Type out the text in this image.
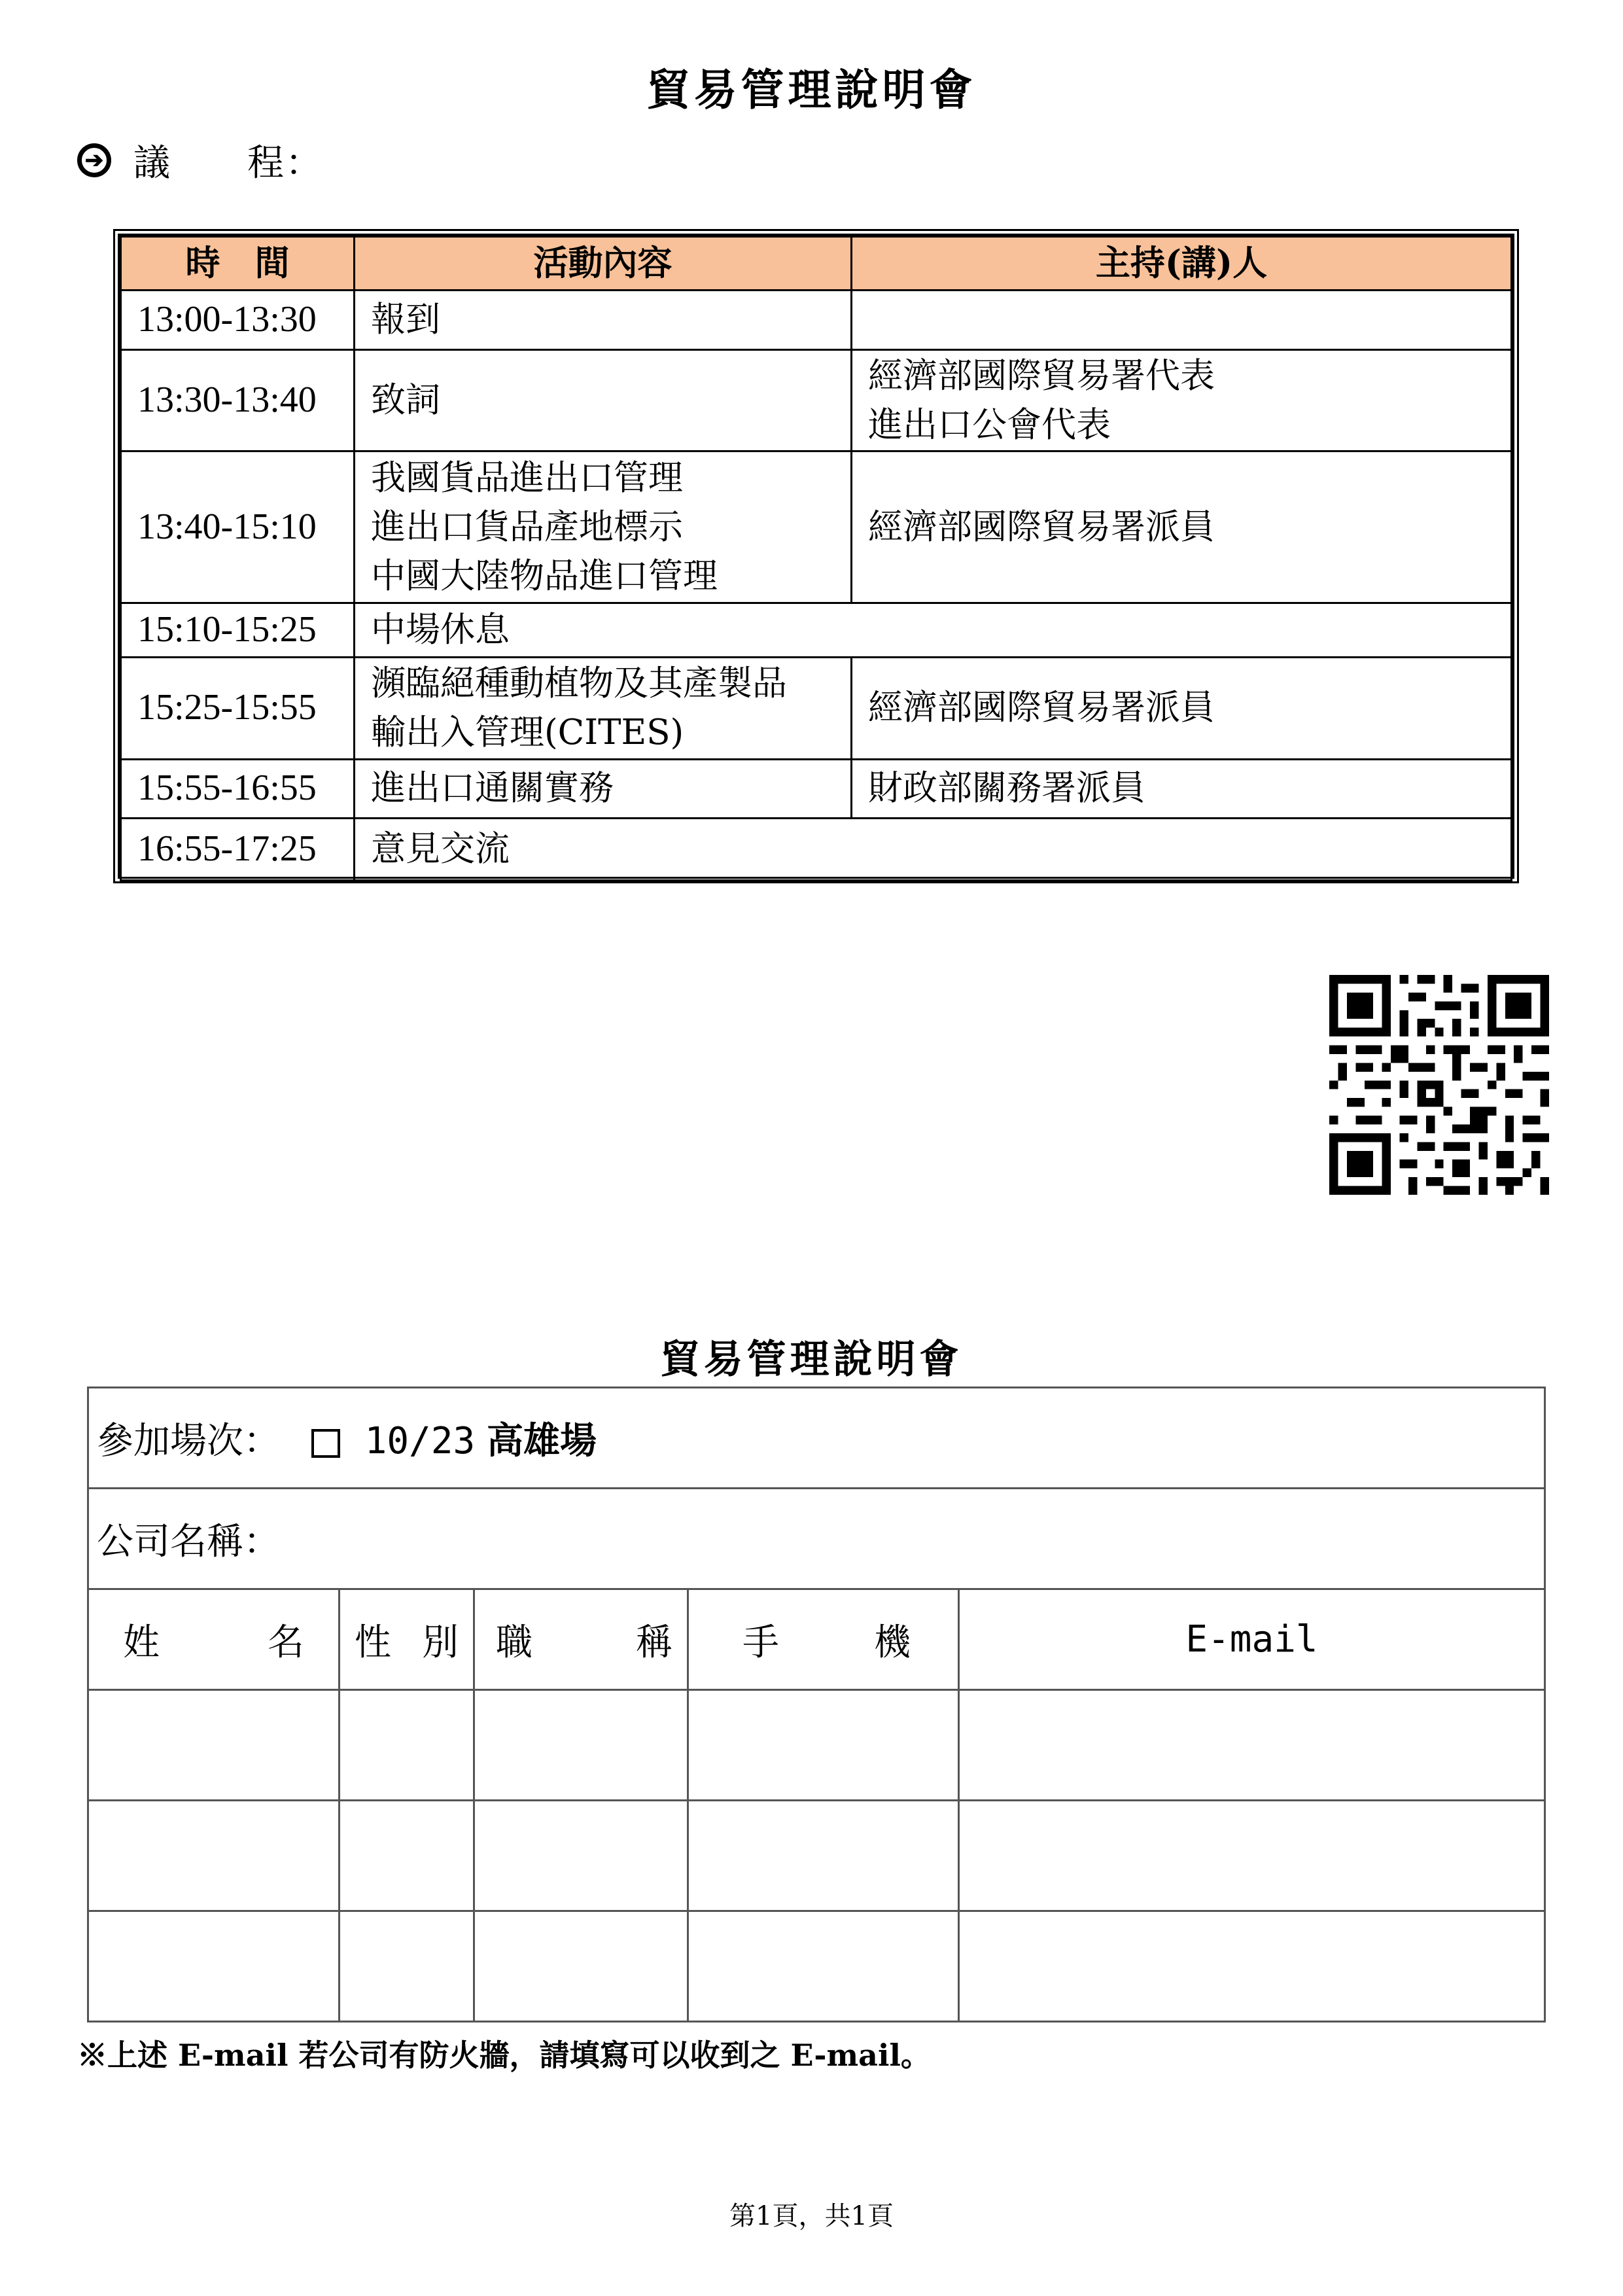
貿易管理說明會
➔ 議　　程：
時　間	活動內容	主持(講)人
13:00-13:30	報到	

13:30-13:40	致詞	經濟部國際貿易署代表
進出口公會代表

13:40-15:10	我國貨品進出口管理
進出口貨品產地標示
中國大陸物品進口管理	經濟部國際貿易署派員

15:10-15:25	中場休息	

15:25-15:55	瀕臨絕種動植物及其產製品
輸出入管理(CITES)	經濟部國際貿易署派員

15:55-16:55	進出口通關實務	財政部關務署派員

16:55-17:25	意見交流	
貿易管理說明會
參加場次： 10/23 高雄場				
公司名稱：				

姓 名	性 別	職 稱	手 機	E-mail

※上述 E-mail 若公司有防火牆，請填寫可以收到之 E-mail。
第1頁，共1頁
